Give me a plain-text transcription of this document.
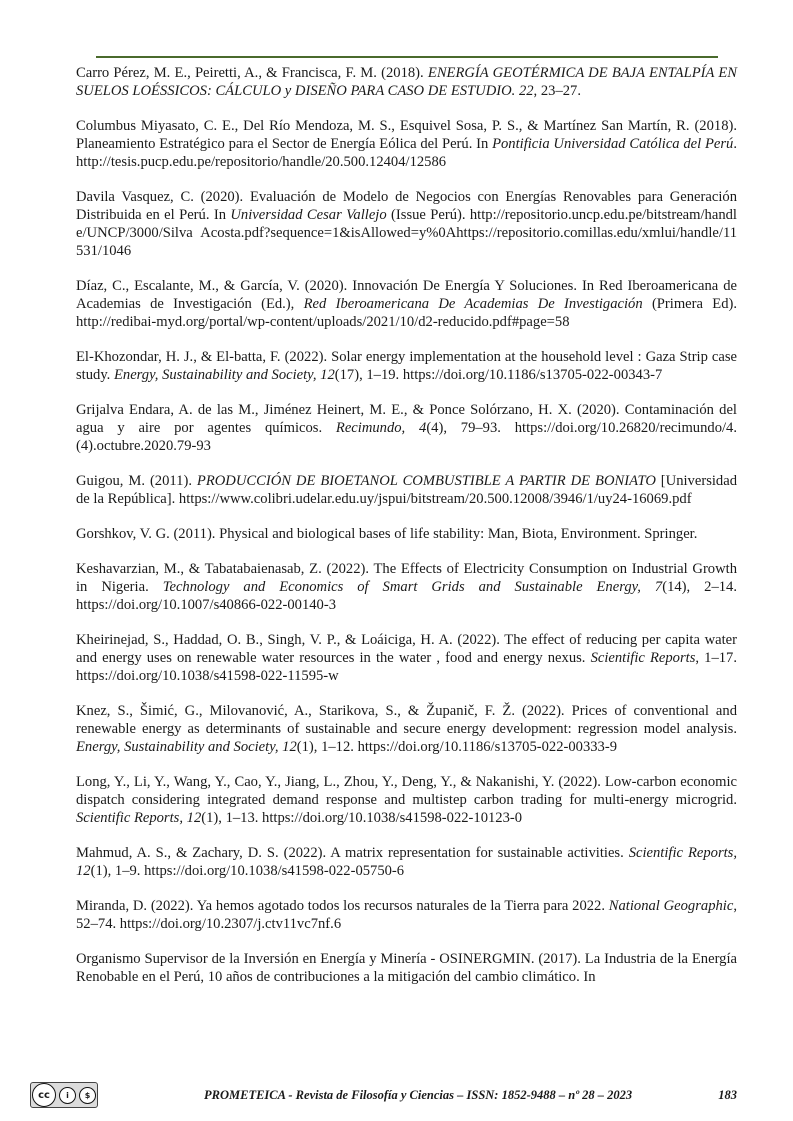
Carro Pérez, M. E., Peiretti, A., & Francisca, F. M. (2018). ENERGÍA GEOTÉRMICA DE BAJA ENTALPÍA EN SUELOS LOÉSSICOS: CÁLCULO y DISEÑO PARA CASO DE ESTUDIO. 22, 23–27.

Columbus Miyasato, C. E., Del Río Mendoza, M. S., Esquivel Sosa, P. S., & Martínez San Martín, R. (2018). Planeamiento Estratégico para el Sector de Energía Eólica del Perú. In Pontificia Universidad Católica del Perú. http://tesis.pucp.edu.pe/repositorio/handle/20.500.12404/12586

Davila Vasquez, C. (2020). Evaluación de Modelo de Negocios con Energías Renovables para Generación Distribuida en el Perú. In Universidad Cesar Vallejo (Issue Perú). http://repositorio.uncp.edu.pe/bitstream/handle/UNCP/3000/Silva Acosta.pdf?sequence=1&isAllowed=y%0Ahttps://repositorio.comillas.edu/xmlui/handle/11531/1046

Díaz, C., Escalante, M., & García, V. (2020). Innovación De Energía Y Soluciones. In Red Iberoamericana de Academias de Investigación (Ed.), Red Iberoamericana De Academias De Investigación (Primera Ed). http://redibai-myd.org/portal/wp-content/uploads/2021/10/d2-reducido.pdf#page=58

El-Khozondar, H. J., & El-batta, F. (2022). Solar energy implementation at the household level : Gaza Strip case study. Energy, Sustainability and Society, 12(17), 1–19. https://doi.org/10.1186/s13705-022-00343-7

Grijalva Endara, A. de las M., Jiménez Heinert, M. E., & Ponce Solórzano, H. X. (2020). Contaminación del agua y aire por agentes químicos. Recimundo, 4(4), 79–93. https://doi.org/10.26820/recimundo/4.(4).octubre.2020.79-93

Guigou, M. (2011). PRODUCCIÓN DE BIOETANOL COMBUSTIBLE A PARTIR DE BONIATO [Universidad de la República]. https://www.colibri.udelar.edu.uy/jspui/bitstream/20.500.12008/3946/1/uy24-16069.pdf

Gorshkov, V. G. (2011). Physical and biological bases of life stability: Man, Biota, Environment. Springer.

Keshavarzian, M., & Tabatabaienasab, Z. (2022). The Effects of Electricity Consumption on Industrial Growth in Nigeria. Technology and Economics of Smart Grids and Sustainable Energy, 7(14), 2–14. https://doi.org/10.1007/s40866-022-00140-3

Kheirinejad, S., Haddad, O. B., Singh, V. P., & Loáiciga, H. A. (2022). The effect of reducing per capita water and energy uses on renewable water resources in the water , food and energy nexus. Scientific Reports, 1–17. https://doi.org/10.1038/s41598-022-11595-w

Knez, S., Šimić, G., Milovanović, A., Starikova, S., & Županič, F. Ž. (2022). Prices of conventional and renewable energy as determinants of sustainable and secure energy development: regression model analysis. Energy, Sustainability and Society, 12(1), 1–12. https://doi.org/10.1186/s13705-022-00333-9

Long, Y., Li, Y., Wang, Y., Cao, Y., Jiang, L., Zhou, Y., Deng, Y., & Nakanishi, Y. (2022). Low-carbon economic dispatch considering integrated demand response and multistep carbon trading for multi-energy microgrid. Scientific Reports, 12(1), 1–13. https://doi.org/10.1038/s41598-022-10123-0

Mahmud, A. S., & Zachary, D. S. (2022). A matrix representation for sustainable activities. Scientific Reports, 12(1), 1–9. https://doi.org/10.1038/s41598-022-05750-6

Miranda, D. (2022). Ya hemos agotado todos los recursos naturales de la Tierra para 2022. National Geographic, 52–74. https://doi.org/10.2307/j.ctv11vc7nf.6

Organismo Supervisor de la Inversión en Energía y Minería - OSINERGMIN. (2017). La Industria de la Energía Renobable en el Perú, 10 años de contribuciones a la mitigación del cambio climático. In

cc	i	$	PROMETEICA - Revista de Filosofía y Ciencias – ISSN: 1852-9488 – nº 28 – 2023	183
